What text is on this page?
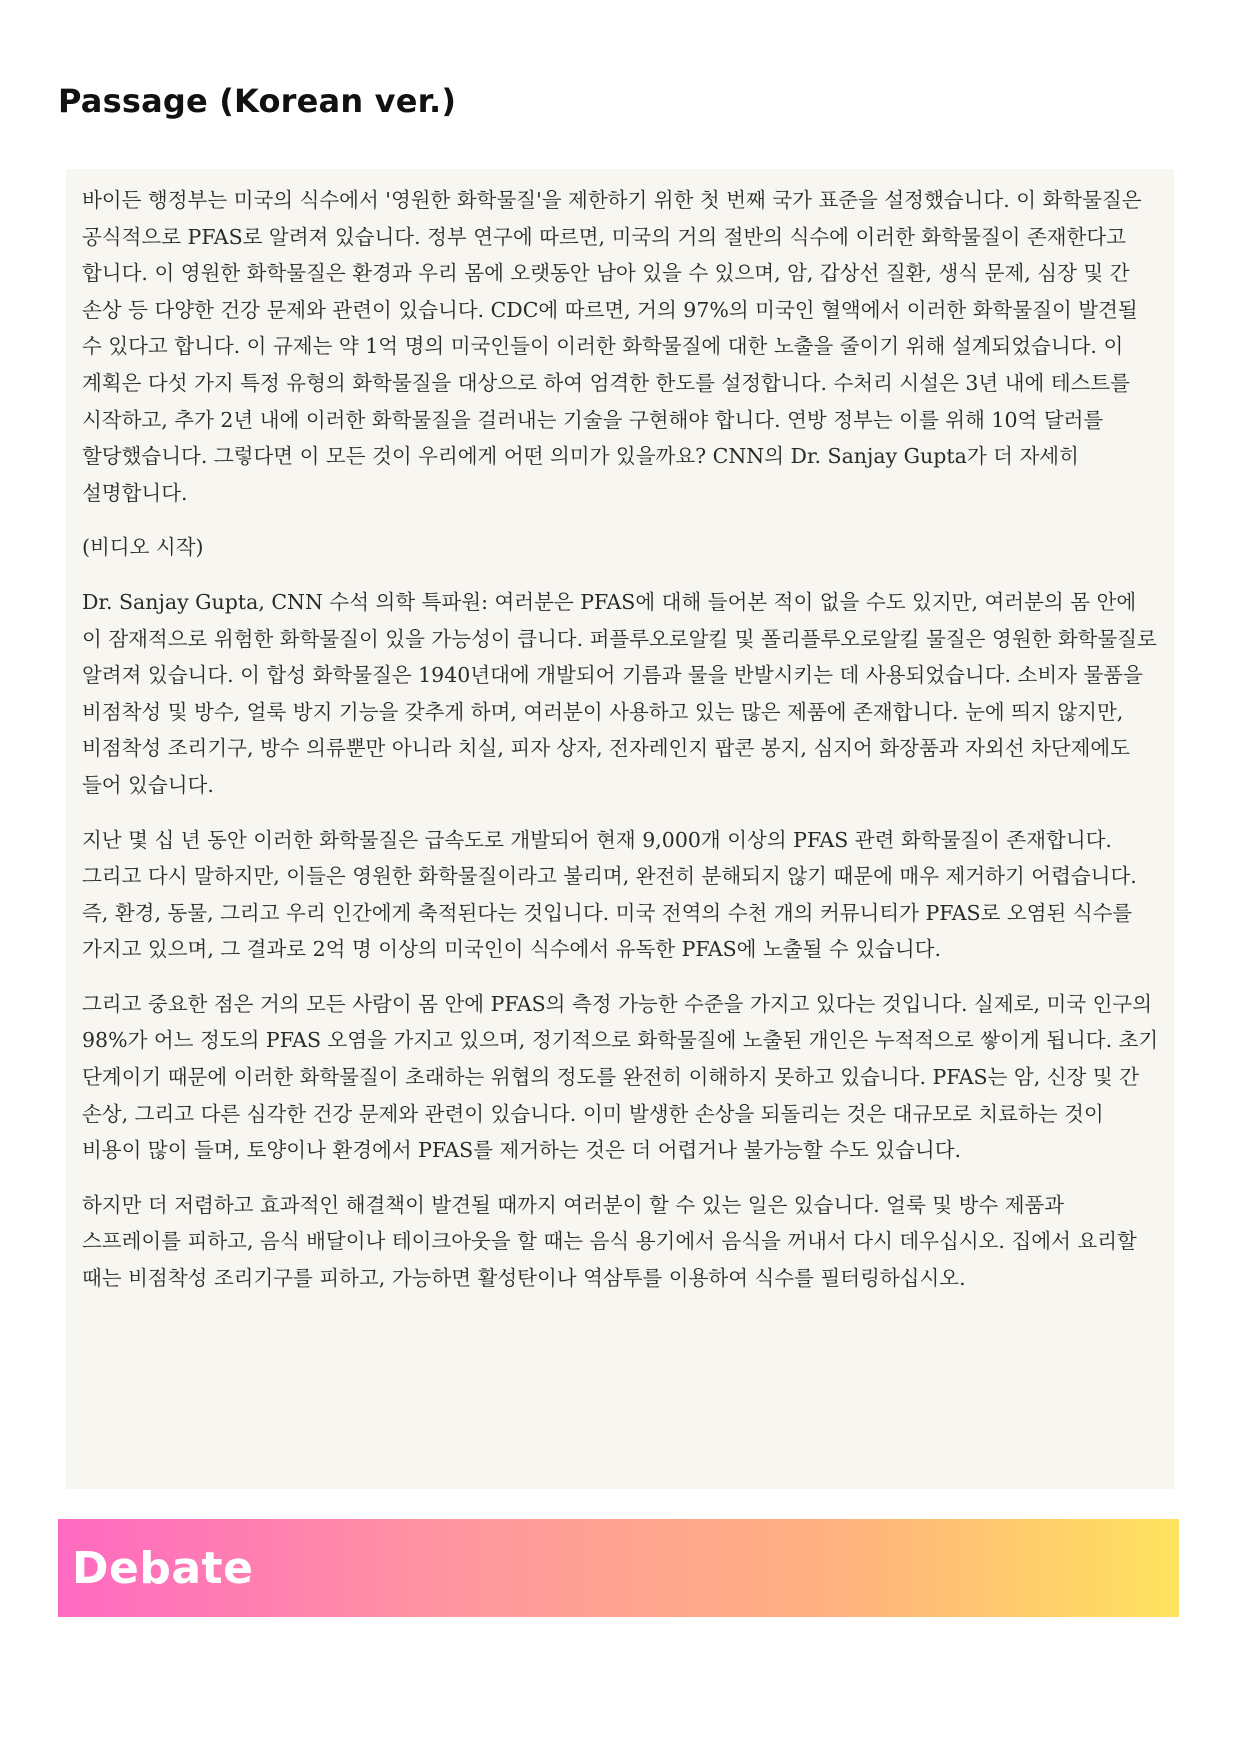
Passage (Korean ver.)

바이든 행정부는 미국의 식수에서 '영원한 화학물질'을 제한하기 위한 첫 번째 국가 표준을 설정했습니다. 이 화학물질은 공식적으로 PFAS로 알려져 있습니다. 정부 연구에 따르면, 미국의 거의 절반의 식수에 이러한 화학물질이 존재한다고 합니다. 이 영원한 화학물질은 환경과 우리 몸에 오랫동안 남아 있을 수 있으며, 암, 갑상선 질환, 생식 문제, 심장 및 간 손상 등 다양한 건강 문제와 관련이 있습니다. CDC에 따르면, 거의 97%의 미국인 혈액에서 이러한 화학물질이 발견될 수 있다고 합니다. 이 규제는 약 1억 명의 미국인들이 이러한 화학물질에 대한 노출을 줄이기 위해 설계되었습니다. 이 계획은 다섯 가지 특정 유형의 화학물질을 대상으로 하여 엄격한 한도를 설정합니다. 수처리 시설은 3년 내에 테스트를 시작하고, 추가 2년 내에 이러한 화학물질을 걸러내는 기술을 구현해야 합니다. 연방 정부는 이를 위해 10억 달러를 할당했습니다. 그렇다면 이 모든 것이 우리에게 어떤 의미가 있을까요? CNN의 Dr. Sanjay Gupta가 더 자세히 설명합니다.

(비디오 시작)

Dr. Sanjay Gupta, CNN 수석 의학 특파원: 여러분은 PFAS에 대해 들어본 적이 없을 수도 있지만, 여러분의 몸 안에 이 잠재적으로 위험한 화학물질이 있을 가능성이 큽니다. 퍼플루오로알킬 및 폴리플루오로알킬 물질은 영원한 화학물질로 알려져 있습니다. 이 합성 화학물질은 1940년대에 개발되어 기름과 물을 반발시키는 데 사용되었습니다. 소비자 물품을 비점착성 및 방수, 얼룩 방지 기능을 갖추게 하며, 여러분이 사용하고 있는 많은 제품에 존재합니다. 눈에 띄지 않지만, 비점착성 조리기구, 방수 의류뿐만 아니라 치실, 피자 상자, 전자레인지 팝콘 봉지, 심지어 화장품과 자외선 차단제에도 들어 있습니다.

지난 몇 십 년 동안 이러한 화학물질은 급속도로 개발되어 현재 9,000개 이상의 PFAS 관련 화학물질이 존재합니다. 그리고 다시 말하지만, 이들은 영원한 화학물질이라고 불리며, 완전히 분해되지 않기 때문에 매우 제거하기 어렵습니다. 즉, 환경, 동물, 그리고 우리 인간에게 축적된다는 것입니다. 미국 전역의 수천 개의 커뮤니티가 PFAS로 오염된 식수를 가지고 있으며, 그 결과로 2억 명 이상의 미국인이 식수에서 유독한 PFAS에 노출될 수 있습니다.

그리고 중요한 점은 거의 모든 사람이 몸 안에 PFAS의 측정 가능한 수준을 가지고 있다는 것입니다. 실제로, 미국 인구의 98%가 어느 정도의 PFAS 오염을 가지고 있으며, 정기적으로 화학물질에 노출된 개인은 누적적으로 쌓이게 됩니다. 초기 단계이기 때문에 이러한 화학물질이 초래하는 위협의 정도를 완전히 이해하지 못하고 있습니다. PFAS는 암, 신장 및 간 손상, 그리고 다른 심각한 건강 문제와 관련이 있습니다. 이미 발생한 손상을 되돌리는 것은 대규모로 치료하는 것이 비용이 많이 들며, 토양이나 환경에서 PFAS를 제거하는 것은 더 어렵거나 불가능할 수도 있습니다.

하지만 더 저렴하고 효과적인 해결책이 발견될 때까지 여러분이 할 수 있는 일은 있습니다. 얼룩 및 방수 제품과 스프레이를 피하고, 음식 배달이나 테이크아웃을 할 때는 음식 용기에서 음식을 꺼내서 다시 데우십시오. 집에서 요리할 때는 비점착성 조리기구를 피하고, 가능하면 활성탄이나 역삼투를 이용하여 식수를 필터링하십시오.

Debate
